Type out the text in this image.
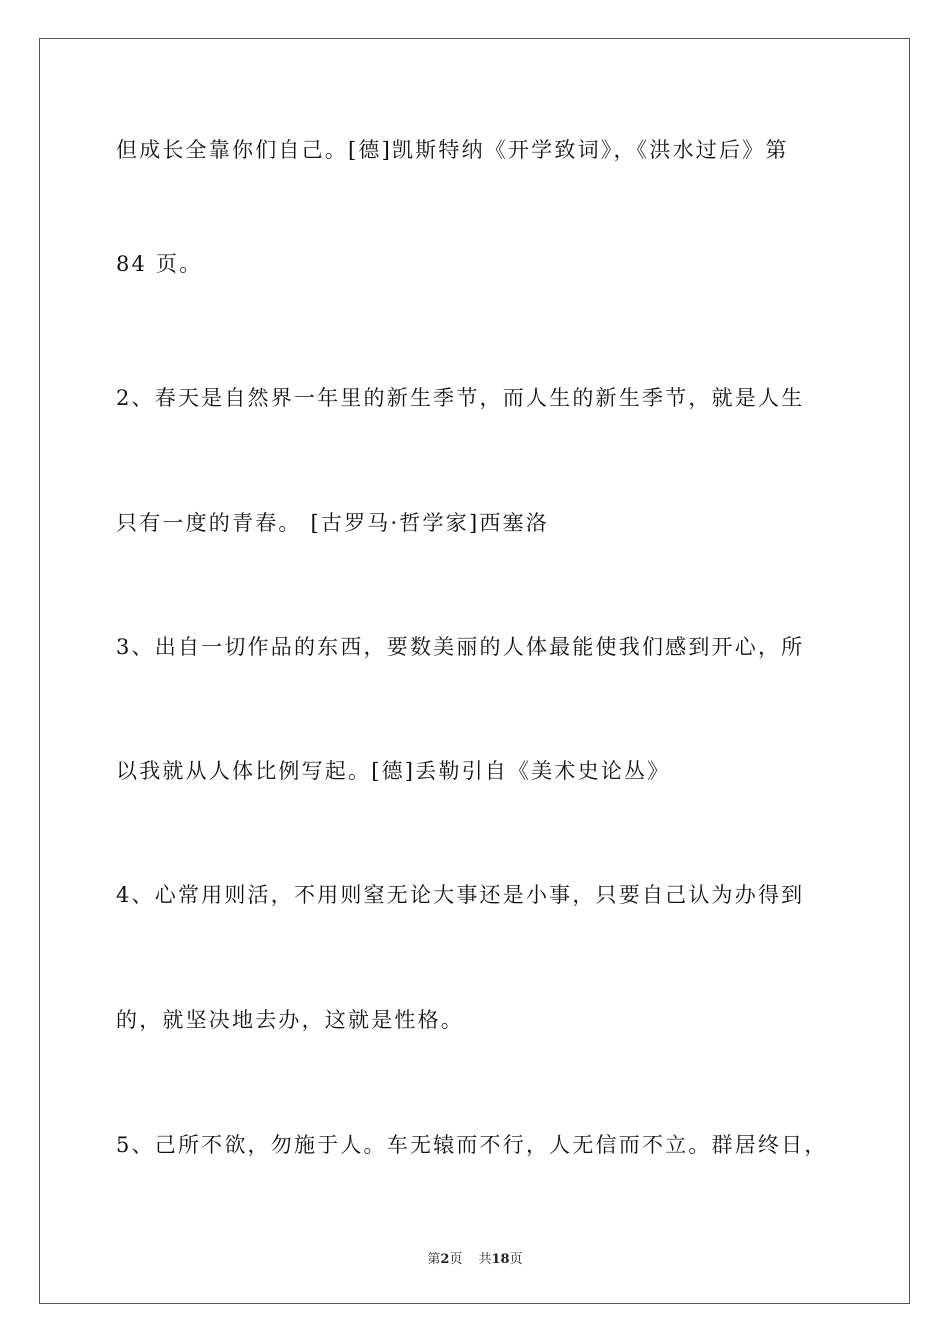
但成长全靠你们自己。[德]凯斯特纳《开学致词》，《洪水过后》第
84 页。
2、春天是自然界一年里的新生季节，而人生的新生季节，就是人生
只有一度的青春。 [古罗马·哲学家]西塞洛
3、出自一切作品的东西，要数美丽的人体最能使我们感到开心，所
以我就从人体比例写起。[德]丢勒引自《美术史论丛》
4、心常用则活，不用则窒无论大事还是小事，只要自己认为办得到
的，就坚决地去办，这就是性格。
5、己所不欲，勿施于人。车无辕而不行，人无信而不立。群居终日，
第2页 共18页
